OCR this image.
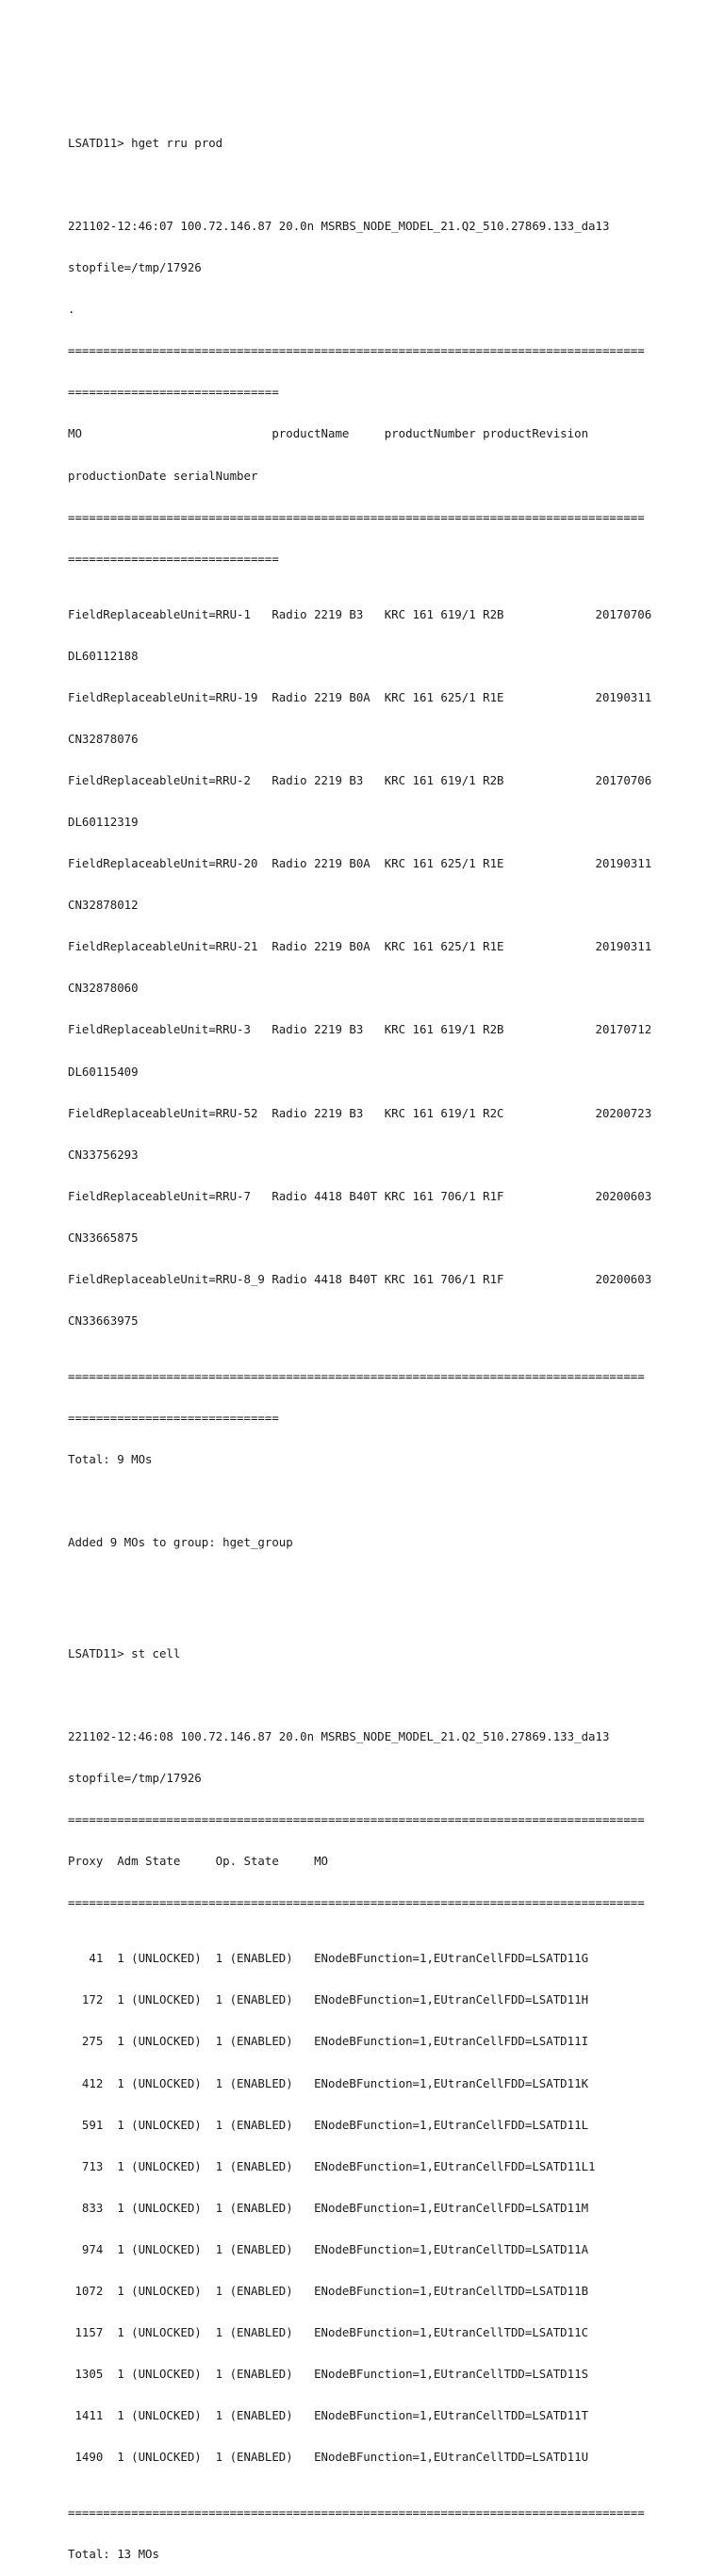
LSATD11> hget rru prod

221102-12:46:07 100.72.146.87 20.0n MSRBS_NODE_MODEL_21.Q2_510.27869.133_da13

stopfile=/tmp/17926

.

==================================================================================

==============================

MO                           productName     productNumber productRevision

productionDate serialNumber

==================================================================================

==============================

FieldReplaceableUnit=RRU-1   Radio 2219 B3   KRC 161 619/1 R2B             20170706

DL60112188

FieldReplaceableUnit=RRU-19  Radio 2219 B0A  KRC 161 625/1 R1E             20190311

CN32878076

FieldReplaceableUnit=RRU-2   Radio 2219 B3   KRC 161 619/1 R2B             20170706

DL60112319

FieldReplaceableUnit=RRU-20  Radio 2219 B0A  KRC 161 625/1 R1E             20190311

CN32878012

FieldReplaceableUnit=RRU-21  Radio 2219 B0A  KRC 161 625/1 R1E             20190311

CN32878060

FieldReplaceableUnit=RRU-3   Radio 2219 B3   KRC 161 619/1 R2B             20170712

DL60115409

FieldReplaceableUnit=RRU-52  Radio 2219 B3   KRC 161 619/1 R2C             20200723

CN33756293

FieldReplaceableUnit=RRU-7   Radio 4418 B40T KRC 161 706/1 R1F             20200603

CN33665875

FieldReplaceableUnit=RRU-8_9 Radio 4418 B40T KRC 161 706/1 R1F             20200603

CN33663975

==================================================================================

==============================

Total: 9 MOs

Added 9 MOs to group: hget_group

LSATD11> st cell

221102-12:46:08 100.72.146.87 20.0n MSRBS_NODE_MODEL_21.Q2_510.27869.133_da13

stopfile=/tmp/17926

==================================================================================

Proxy  Adm State     Op. State     MO

==================================================================================

41  1 (UNLOCKED)  1 (ENABLED)   ENodeBFunction=1,EUtranCellFDD=LSATD11G

172  1 (UNLOCKED)  1 (ENABLED)   ENodeBFunction=1,EUtranCellFDD=LSATD11H

275  1 (UNLOCKED)  1 (ENABLED)   ENodeBFunction=1,EUtranCellFDD=LSATD11I

412  1 (UNLOCKED)  1 (ENABLED)   ENodeBFunction=1,EUtranCellFDD=LSATD11K

591  1 (UNLOCKED)  1 (ENABLED)   ENodeBFunction=1,EUtranCellFDD=LSATD11L

713  1 (UNLOCKED)  1 (ENABLED)   ENodeBFunction=1,EUtranCellFDD=LSATD11L1

833  1 (UNLOCKED)  1 (ENABLED)   ENodeBFunction=1,EUtranCellFDD=LSATD11M

974  1 (UNLOCKED)  1 (ENABLED)   ENodeBFunction=1,EUtranCellTDD=LSATD11A

1072  1 (UNLOCKED)  1 (ENABLED)   ENodeBFunction=1,EUtranCellTDD=LSATD11B

1157  1 (UNLOCKED)  1 (ENABLED)   ENodeBFunction=1,EUtranCellTDD=LSATD11C

1305  1 (UNLOCKED)  1 (ENABLED)   ENodeBFunction=1,EUtranCellTDD=LSATD11S

1411  1 (UNLOCKED)  1 (ENABLED)   ENodeBFunction=1,EUtranCellTDD=LSATD11T

1490  1 (UNLOCKED)  1 (ENABLED)   ENodeBFunction=1,EUtranCellTDD=LSATD11U

==================================================================================

Total: 13 MOs
